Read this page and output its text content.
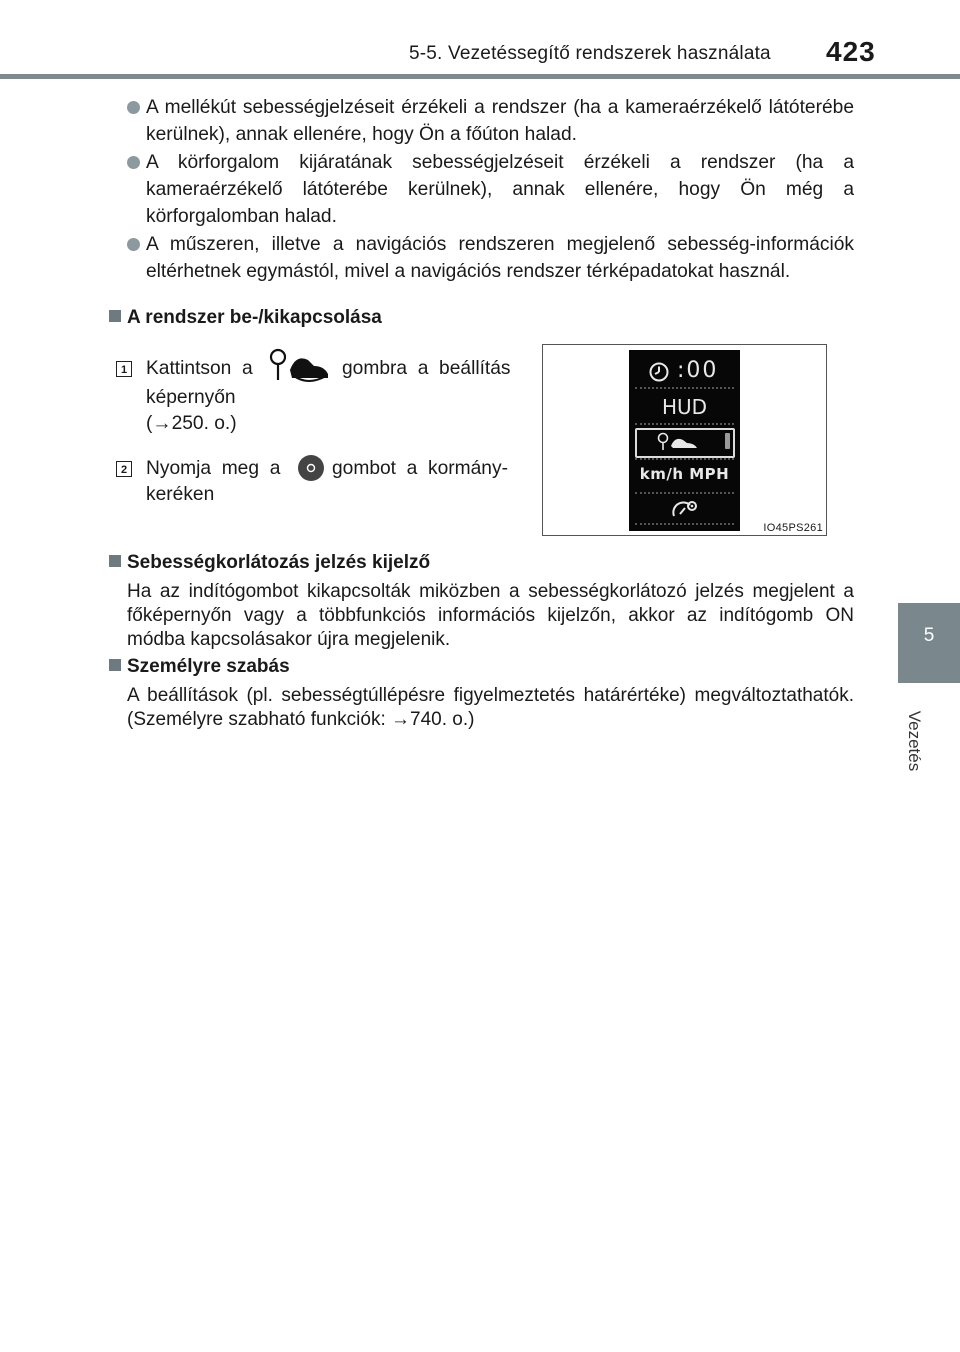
5-5. Vezetéssegítő rendszerek használata 423
5
Vezetés
A mellékút sebességjelzéseit érzékeli a rendszer (ha a kameraérzékelő látóterébe kerülnek), annak ellenére, hogy Ön a főúton halad.
A körforgalom kijáratának sebességjelzéseit érzékeli a rendszer (ha a kameraérzékelő látóterébe kerülnek), annak ellenére, hogy Ön még a körforgalomban halad.
A műszeren, illetve a navigációs rendszeren megjelenő sebesség-információk eltérhetnek egymástól, mivel a navigációs rendszer térképadatokat használ.
A rendszer be-/kikapcsolása
1 Kattintson  a	gombra  a  beállítás
képernyőn
(→250. o.)
2 Nyomja  meg  a	gombot  a  kormány-
keréken
:00
HUD
km/h MPH
IO45PS261
Sebességkorlátozás jelzés kijelző
Ha az indítógombot kikapcsolták miközben a sebességkorlátozó jelzés megjelent a főképernyőn vagy a többfunkciós információs kijelzőn, akkor az indítógomb ON módba kapcsolásakor újra megjelenik.
Személyre szabás
A beállítások (pl. sebességtúllépésre figyelmeztetés határértéke) megváltoztathatók. (Személyre szabható funkciók: →740. o.)
